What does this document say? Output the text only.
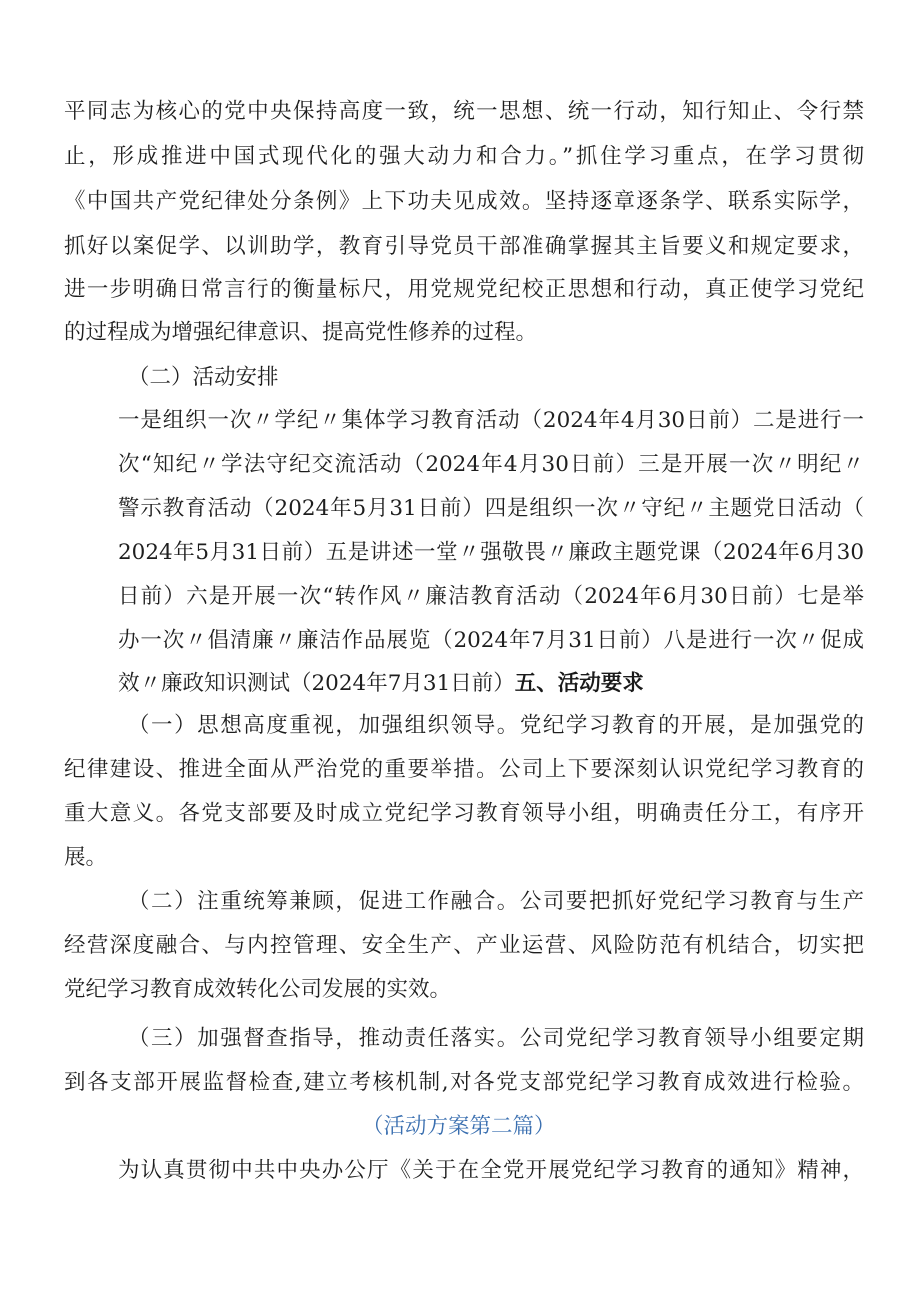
平同志为核心的党中央保持高度一致，统一思想、统一行动，知行知止、令行禁
止，形成推进中国式现代化的强大动力和合力。”抓住学习重点，在学习贯彻
《中国共产党纪律处分条例》上下功夫见成效。坚持逐章逐条学、联系实际学，
抓好以案促学、以训助学，教育引导党员干部准确掌握其主旨要义和规定要求，
进一步明确日常言行的衡量标尺，用党规党纪校正思想和行动，真正使学习党纪
的过程成为增强纪律意识、提高党性修养的过程。
（二）活动安排
一是组织一次〃学纪〃集体学习教育活动（2024年4月30日前）二是进行一
次“知纪〃学法守纪交流活动（2024年4月30日前）三是开展一次〃明纪〃
警示教育活动（2024年5月31日前）四是组织一次〃守纪〃主题党日活动（
2024年5月31日前）五是讲述一堂〃强敬畏〃廉政主题党课（2024年6月30
日前）六是开展一次“转作风〃廉洁教育活动（2024年6月30日前）七是举
办一次〃倡清廉〃廉洁作品展览（2024年7月31日前）八是进行一次〃促成
效〃廉政知识测试（2024年7月31日前）五、活动要求
（一）思想高度重视，加强组织领导。党纪学习教育的开展，是加强党的
纪律建设、推进全面从严治党的重要举措。公司上下要深刻认识党纪学习教育的
重大意义。各党支部要及时成立党纪学习教育领导小组，明确责任分工，有序开
展。
（二）注重统筹兼顾，促进工作融合。公司要把抓好党纪学习教育与生产
经营深度融合、与内控管理、安全生产、产业运营、风险防范有机结合，切实把
党纪学习教育成效转化公司发展的实效。
（三）加强督查指导，推动责任落实。公司党纪学习教育领导小组要定期
到各支部开展监督检查,建立考核机制,对各党支部党纪学习教育成效进行检验。
（活动方案第二篇）
为认真贯彻中共中央办公厅《关于在全党开展党纪学习教育的通知》精神，
